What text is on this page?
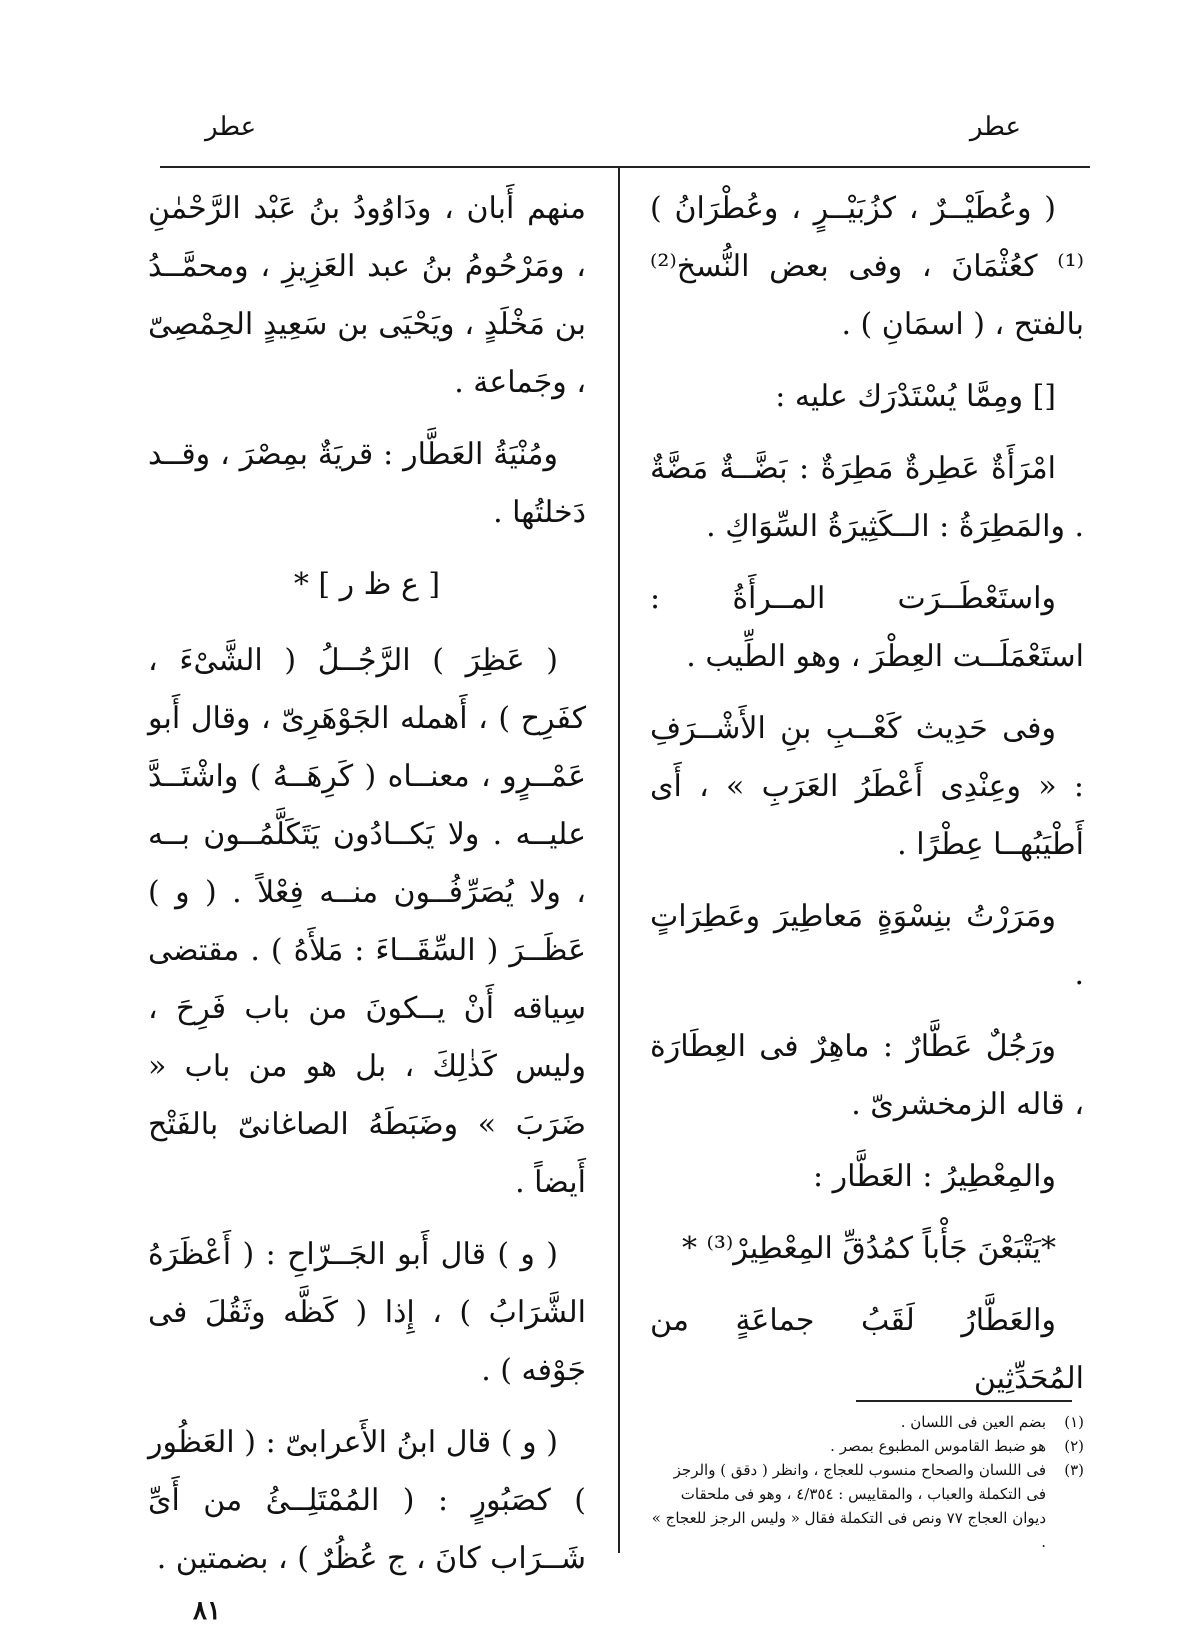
عطر
عطر

( وعُطَيْــرٌ ، كزُبَيْــرٍ ، وعُطْرَانُ )⁽¹⁾ كعُثْمَانَ ، وفى بعض النُّسخ⁽²⁾ بالفتح ، ( اسمَانِ ) .

[] ومِمَّا يُسْتَدْرَك عليه :

امْرَأَةٌ عَطِرةٌ مَطِرَةٌ : بَضَّــةٌ مَضَّةٌ . والمَطِرَةُ : الــكَثِيرَةُ السِّوَاكِ .

واستَعْطَــرَت المــرأَةُ : استَعْمَلَــت العِطْرَ ، وهو الطِّيب .

وفى حَدِيث كَعْــبِ بنِ الأَشْــرَفِ : « وعِنْدِى أَعْطَرُ العَرَبِ » ، أَى أَطْيَبُهــا عِطْرًا .

ومَرَرْتُ بنِسْوَةٍ مَعاطِيرَ وعَطِرَاتٍ .

ورَجُلٌ عَطَّارٌ : ماهِرٌ فى العِطَارَة ، قاله الزمخشرىّ .

والمِعْطِيرُ : العَطَّار :

*يَتْبَعْنَ جَأْباً كمُدُقِّ المِعْطِيرْ⁽³⁾ *

والعَطَّارُ لَقَبُ جماعَةٍ من المُحَدِّثِين

منهم أَبان ، ودَاوُودُ بنُ عَبْد الرَّحْمٰنِ ، ومَرْحُومُ بنُ عبد العَزِيزِ ، ومحمَّــدُ بن مَخْلَدٍ ، ويَحْيَى بن سَعِيدٍ الحِمْصِىّ ، وجَماعة .

ومُنْيَةُ العَطَّار : قريَةٌ بمِصْرَ ، وقــد دَخلتُها .

[ ع ظ ر ] *

( عَظِرَ ) الرَّجُــلُ ( الشَّىْءَ ، كفَرِح ) ، أَهمله الجَوْهَرِىّ ، وقال أَبو عَمْــرٍو ، معنــاه ( كَرِهَــهُ ) واشْتَــدَّ عليــه . ولا يَكــادُون يَتَكَلَّمُــون بــه ، ولا يُصَرِّفُــون منــه فِعْلاً . ( و ) عَظَــرَ ( السِّقَــاءَ : مَلأَهُ ) . مقتضى سِياقه أَنْ يــكونَ من باب فَرِحَ ، وليس كَذٰلِكَ ، بل هو من باب « ضَرَبَ » وضَبَطَهُ الصاغانىّ بالفَتْح أَيضاً .

( و ) قال أَبو الجَــرّاحِ : ( أَعْظَرَهُ الشَّرَابُ ) ، إِذا ( كَظَّه وثَقُلَ فى جَوْفه ) .

( و ) قال ابنُ الأَعرابىّ : ( العَظُور ) كصَبُورٍ : ( المُمْتَلِــئُ من أَىِّ شَــرَاب كانَ ، ج عُظُرٌ ) ، بضمتين .

٨١
(١)
بضم العين فى اللسان .
(٢)
هو ضبط القاموس المطبوع بمصر .
(٣)
فى اللسان والصحاح منسوب للعجاج ، وانظر ( دقق ) والرجز فى التكملة والعباب ، والمقاييس : ٤/٣٥٤ ، وهو فى ملحقات ديوان العجاج ٧٧ ونص فى التكملة فقال « وليس الرجز للعجاج » .
